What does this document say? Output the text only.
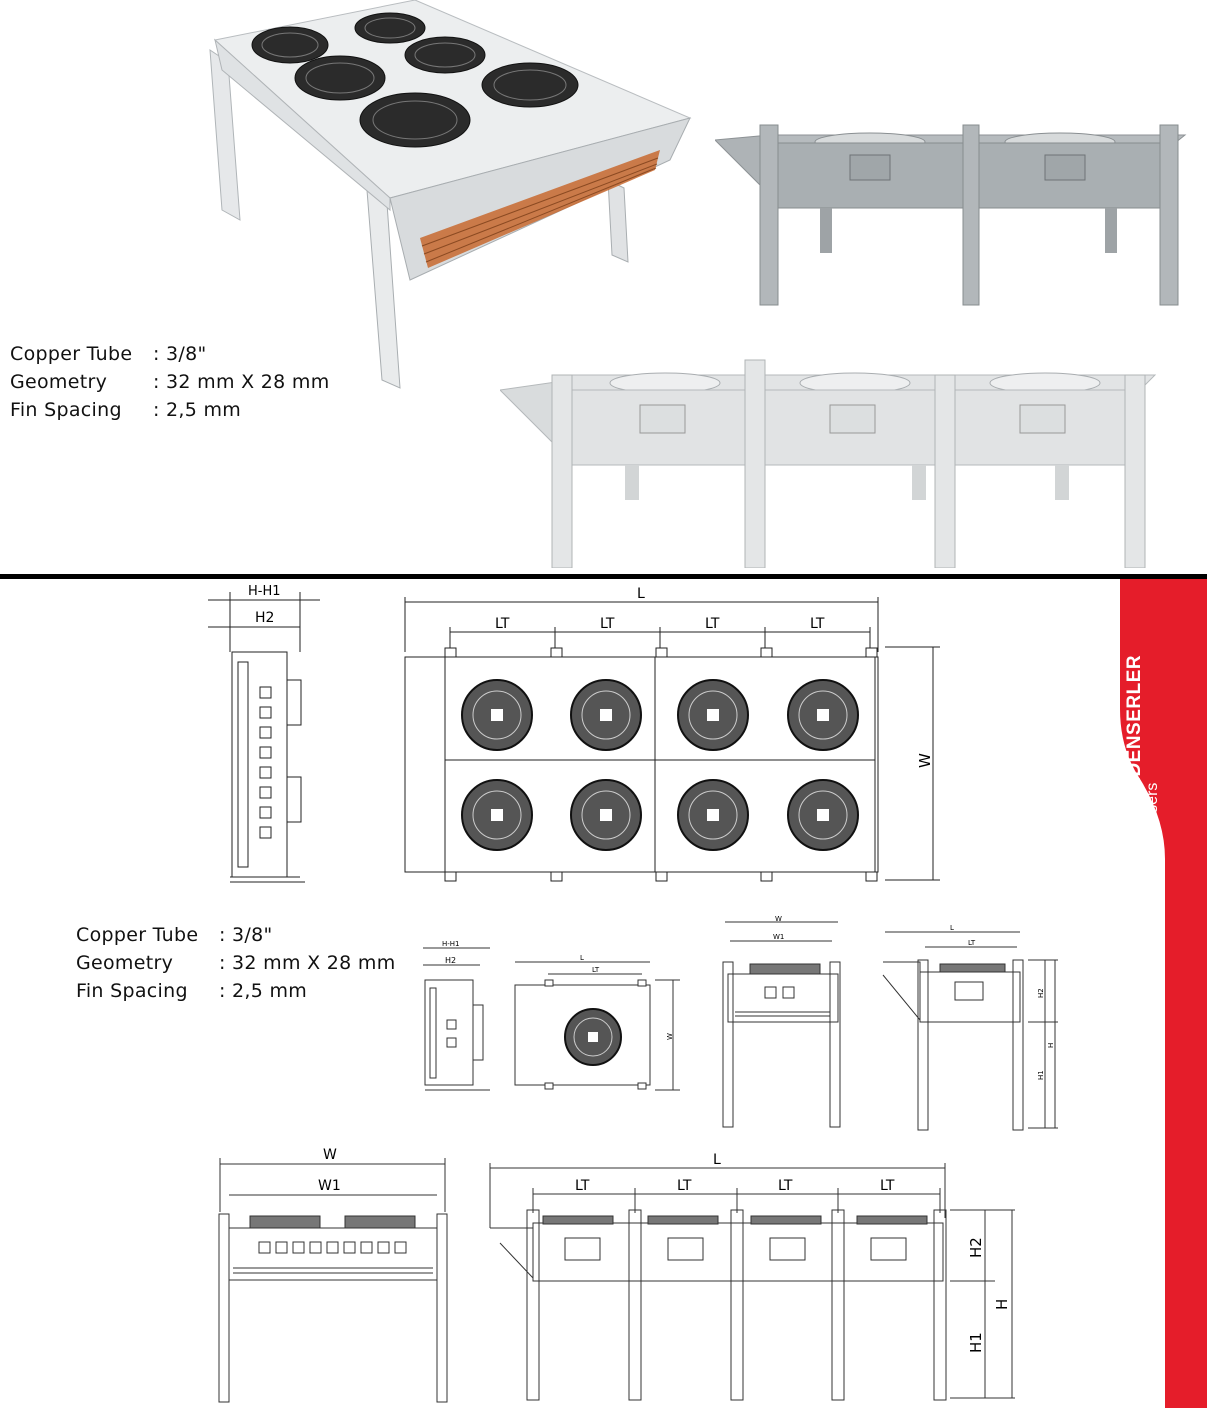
Copper Tube	: 3/8"
Geometry	: 32 mm X 28 mm
Fin Spacing	: 2,5 mm
UNİVERSAL KONDENSERLER Universal Condensers
H-H1
H2
L
LT	LT	LT	LT
W
Copper Tube	: 3/8"
Geometry	: 32 mm X 28 mm
Fin Spacing	: 2,5 mm
H-H1
H2	L
LT
W
W
W1
L
LT
H2
H
H1
W
W1
L
LT	LT	LT	LT
H2
H
H1
